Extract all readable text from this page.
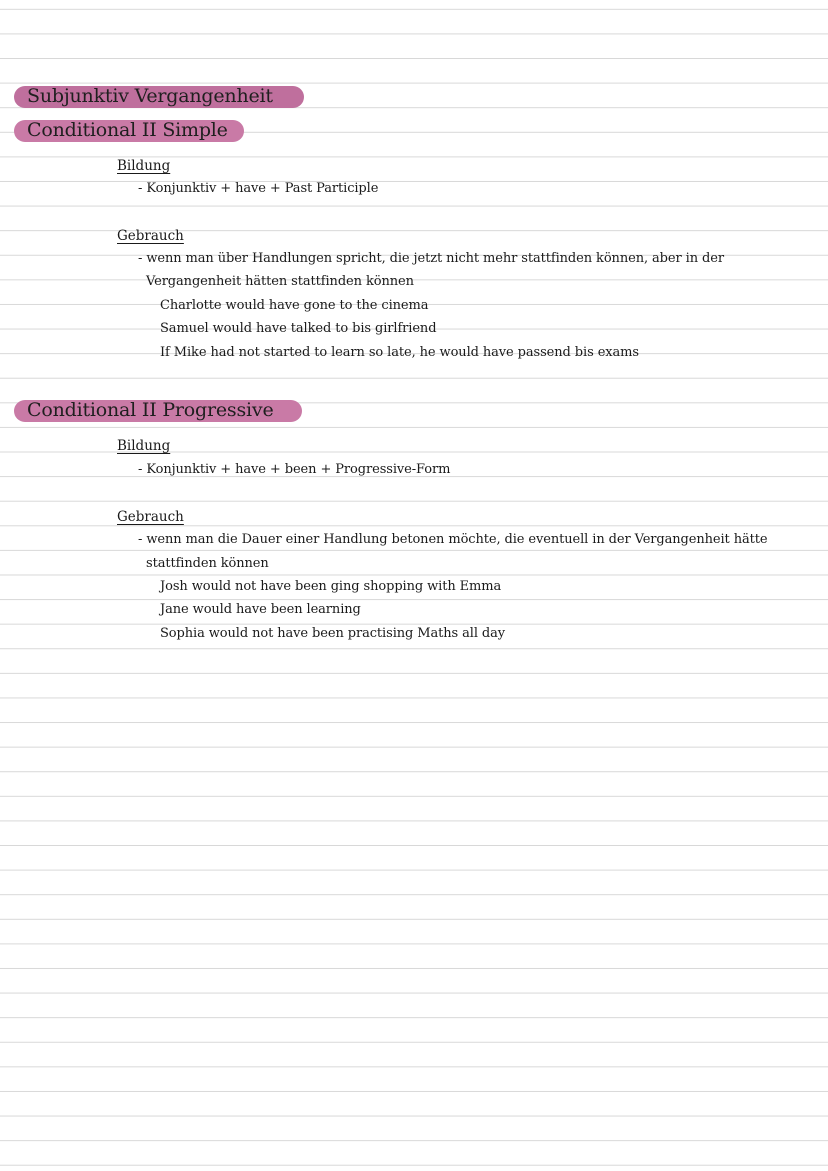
Subjunktiv Vergangenheit
Conditional II Simple
Bildung
- Konjunktiv + have + Past Participle
Gebrauch
- wenn man über Handlungen spricht, die jetzt nicht mehr stattfinden können, aber in der
Vergangenheit hätten stattfinden können
Charlotte would have gone to the cinema
Samuel would have talked to bis girlfriend
If Mike had not started to learn so late, he would have passend bis exams
Conditional II Progressive
Bildung
- Konjunktiv + have + been + Progressive-Form
Gebrauch
- wenn man die Dauer einer Handlung betonen möchte, die eventuell in der Vergangenheit hätte
stattfinden können
Josh would not have been ging shopping with Emma
Jane would have been learning
Sophia would not have been practising Maths all day
